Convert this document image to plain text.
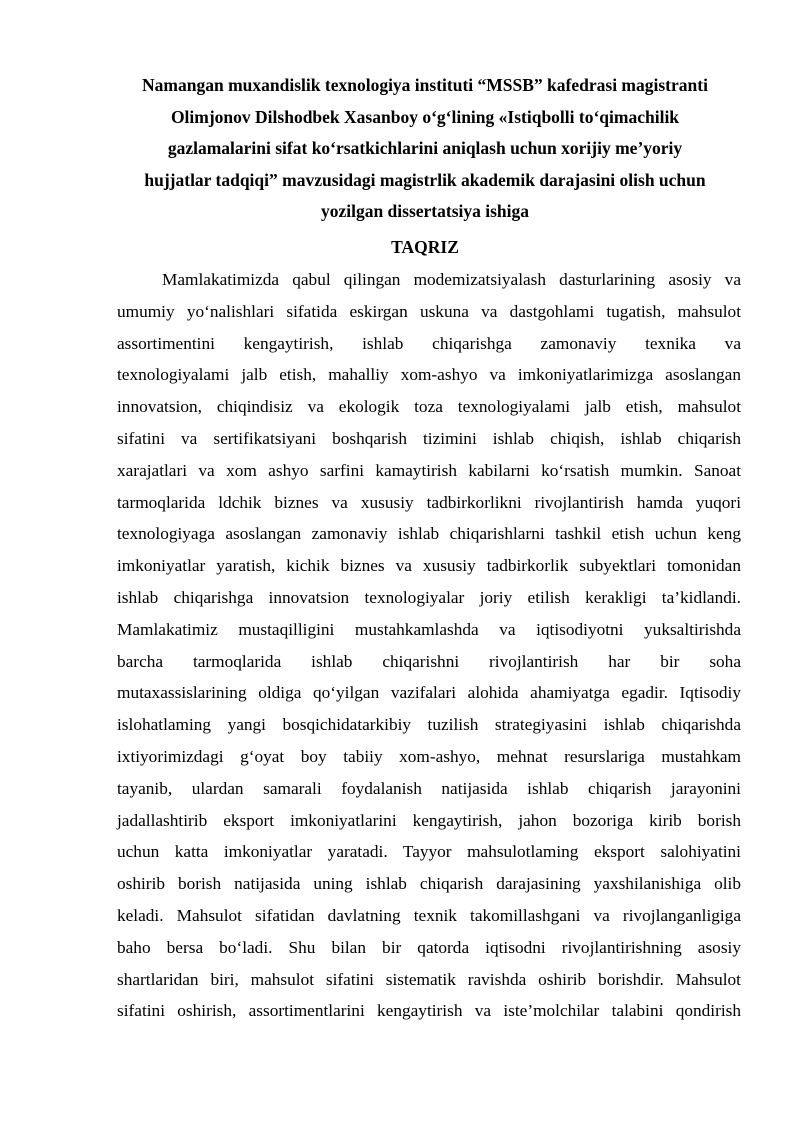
Namangan muxandislik texnologiya instituti “MSSB” kafedrasi magistranti
Olimjonov Dilshodbek Xasanboy o‘g‘lining «Istiqbolli to‘qimachilik
gazlamalarini sifat ko‘rsatkichlarini aniqlash uchun xorijiy me’yoriy
hujjatlar tadqiqi” mavzusidagi magistrlik akademik darajasini olish uchun
yozilgan dissertatsiya ishiga
TAQRIZ
Mamlakatimizda qabul qilingan modemizatsiyalash dasturlarining asosiy va
umumiy yo‘nalishlari sifatida eskirgan uskuna va dastgohlami tugatish, mahsulot
assortimentini kengaytirish, ishlab chiqarishga zamonaviy texnika va
texnologiyalami jalb etish, mahalliy xom-ashyo va imkoniyatlarimizga asoslangan
innovatsion, chiqindisiz va ekologik toza texnologiyalami jalb etish, mahsulot
sifatini va sertifikatsiyani boshqarish tizimini ishlab chiqish, ishlab chiqarish
xarajatlari va xom ashyo sarfini kamaytirish kabilarni ko‘rsatish mumkin. Sanoat
tarmoqlarida ldchik biznes va xususiy tadbirkorlikni rivojlantirish hamda yuqori
texnologiyaga asoslangan zamonaviy ishlab chiqarishlarni tashkil etish uchun keng
imkoniyatlar yaratish, kichik biznes va xususiy tadbirkorlik subyektlari tomonidan
ishlab chiqarishga innovatsion texnologiyalar joriy etilish kerakligi ta’kidlandi.
Mamlakatimiz mustaqilligini mustahkamlashda va iqtisodiyotni yuksaltirishda
barcha tarmoqlarida ishlab chiqarishni rivojlantirish har bir soha
mutaxassislarining oldiga qo‘yilgan vazifalari alohida ahamiyatga egadir. Iqtisodiy
islohatlaming yangi bosqichidatarkibiy tuzilish strategiyasini ishlab chiqarishda
ixtiyorimizdagi g‘oyat boy tabiiy xom-ashyo, mehnat resurslariga mustahkam
tayanib, ulardan samarali foydalanish natijasida ishlab chiqarish jarayonini
jadallashtirib eksport imkoniyatlarini kengaytirish, jahon bozoriga kirib borish
uchun katta imkoniyatlar yaratadi. Tayyor mahsulotlaming eksport salohiyatini
oshirib borish natijasida uning ishlab chiqarish darajasining yaxshilanishiga olib
keladi. Mahsulot sifatidan davlatning texnik takomillashgani va rivojlanganligiga
baho bersa bo‘ladi. Shu bilan bir qatorda iqtisodni rivojlantirishning asosiy
shartlaridan biri, mahsulot sifatini sistematik ravishda oshirib borishdir. Mahsulot
sifatini oshirish, assortimentlarini kengaytirish va iste’molchilar talabini qondirish
